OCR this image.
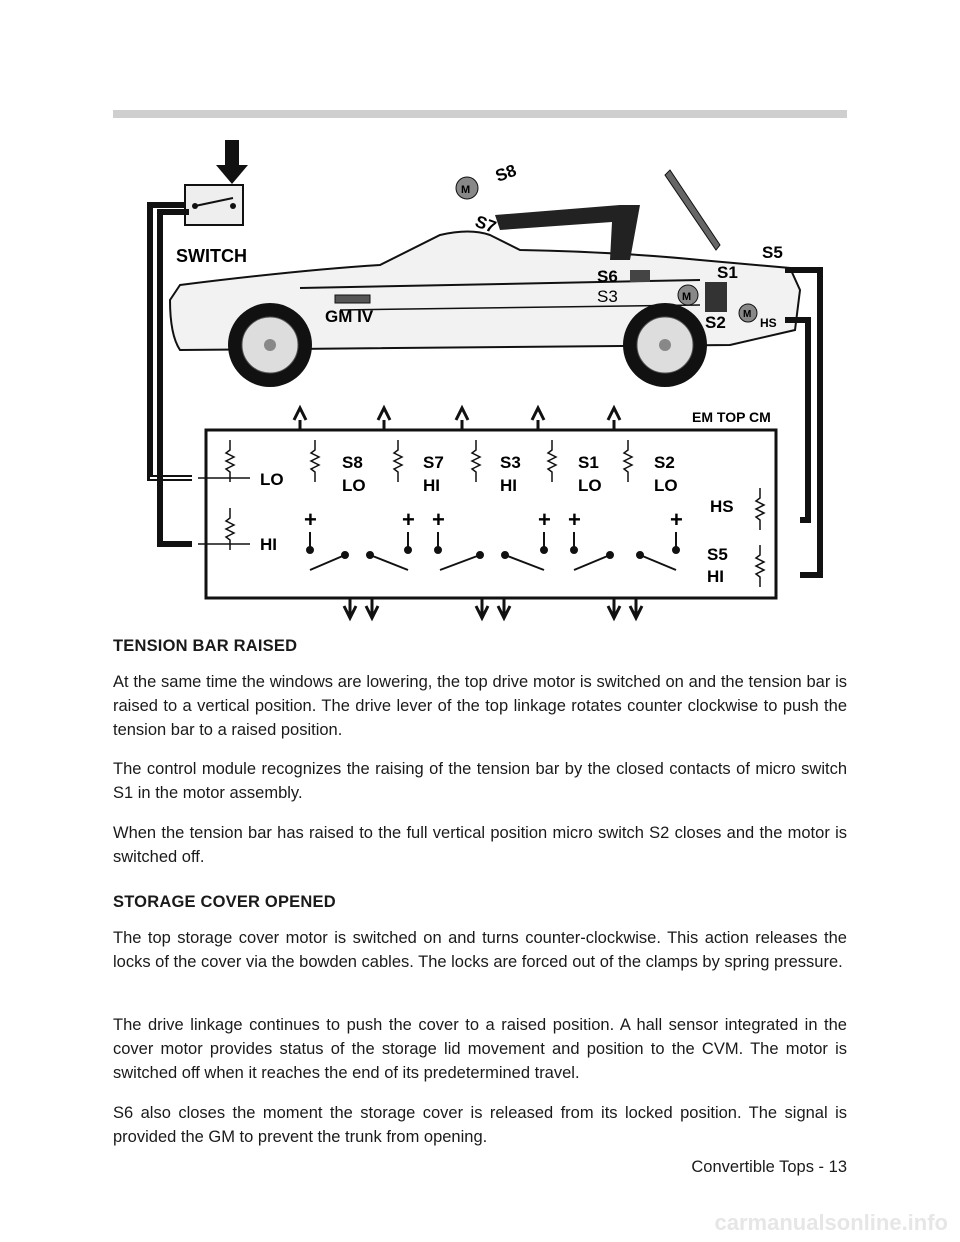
SWITCH
GM IV
S8
M
S7
S6
S3	M
S5
S1
S2 M
HS
EM TOP CM
LO
HI
S8
LO
S7
HI
S3
HI
S1
LO
S2
LO
HS
S5
HI
+	+ +	+ +	+
TENSION BAR RAISED
At the same time the windows are lowering, the top drive motor is switched on and the tension bar is raised to a vertical position. The drive lever of the top linkage rotates counter clockwise to push the tension bar to a raised position.
The control module recognizes the raising of the tension bar by the closed contacts of micro switch S1 in the motor assembly.
When the tension bar has raised to the full vertical position micro switch S2 closes and the motor is switched off.
STORAGE COVER OPENED
The top storage cover motor is switched on and turns counter-clockwise. This action releases the locks of the cover via the bowden cables. The locks are forced out of the clamps by spring pressure.
The drive linkage continues to push the cover to a raised position. A hall sensor integrated in the cover motor provides status of the storage lid movement and position to the CVM. The motor is switched off when it reaches the end of its predetermined travel.
S6 also closes the moment the storage cover is released from its locked position. The signal is provided the GM to prevent the trunk from opening.
Convertible Tops - 13
carmanualsonline.info
